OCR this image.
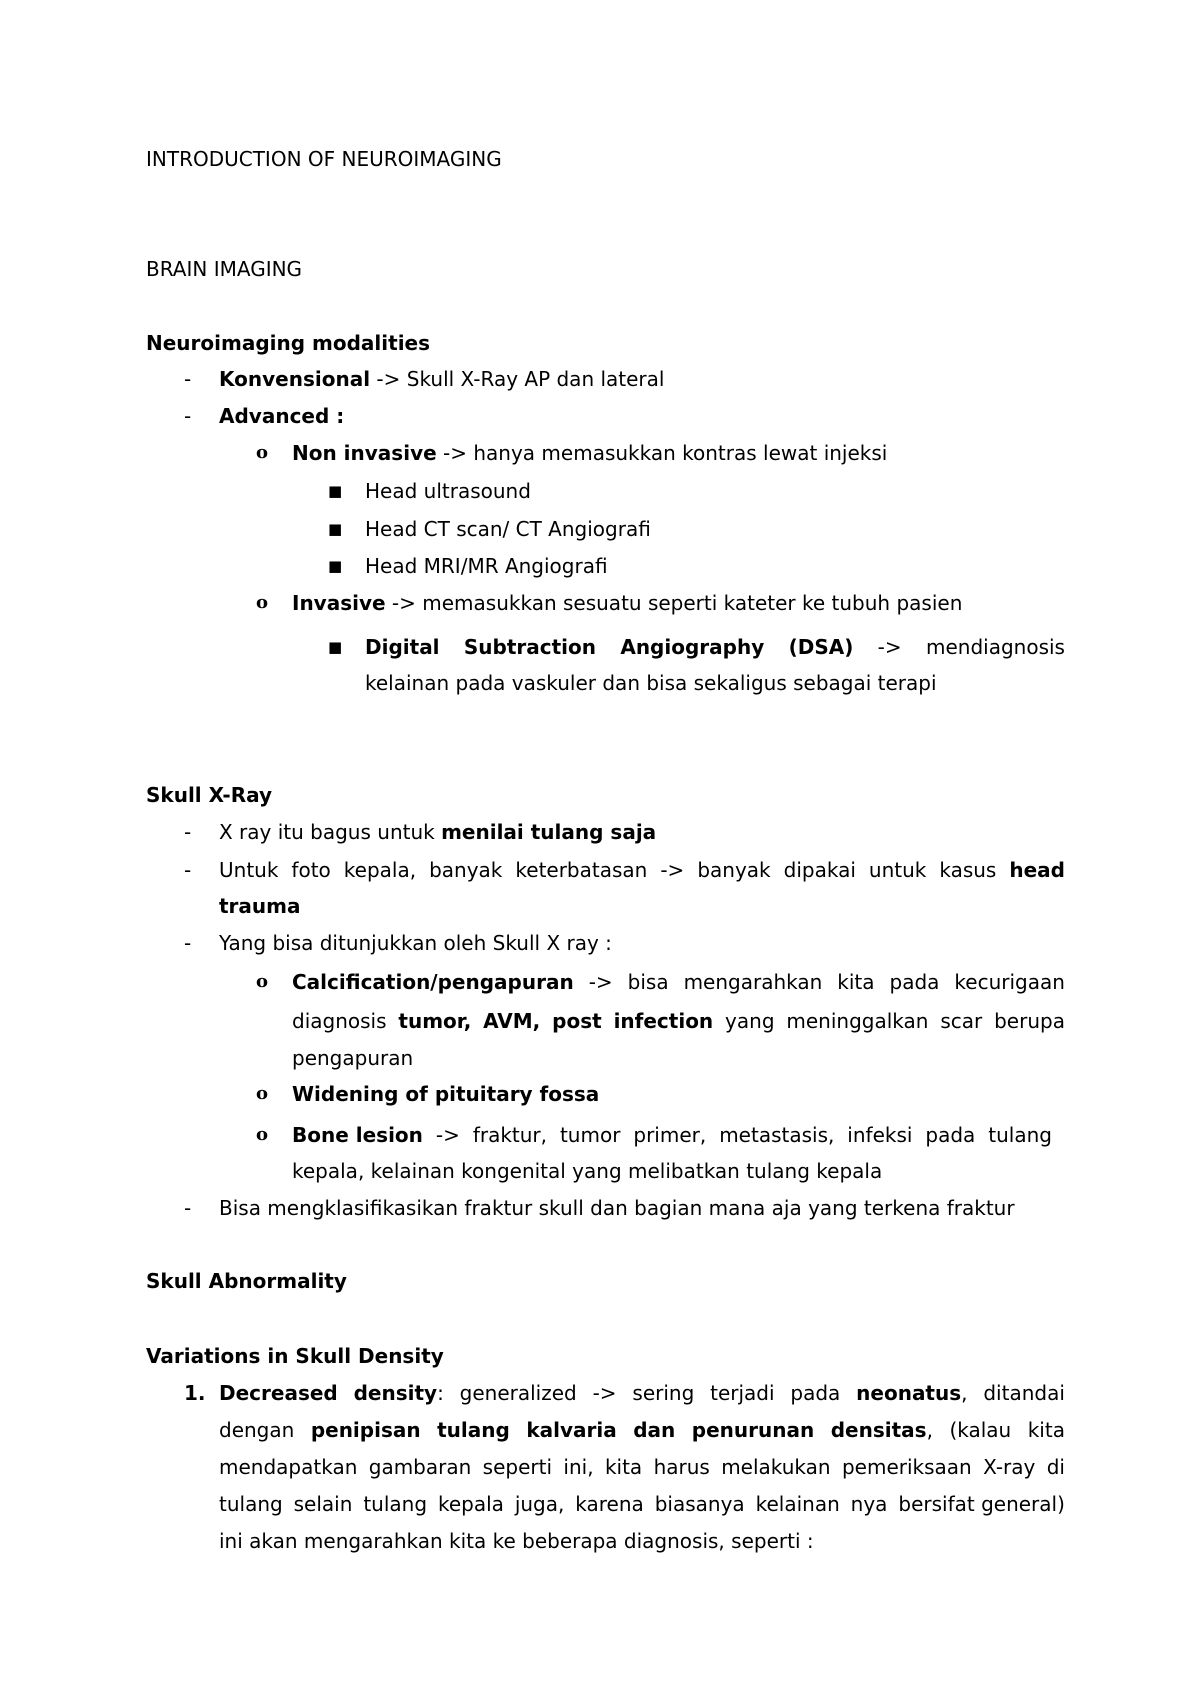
INTRODUCTION OF NEUROIMAGING
BRAIN IMAGING
Neuroimaging modalities
- Konvensional -> Skull X-Ray AP dan lateral
- Advanced :
o Non invasive -> hanya memasukkan kontras lewat injeksi
■ Head ultrasound
■ Head CT scan/ CT Angiografi
■ Head MRI/MR Angiografi
o Invasive -> memasukkan sesuatu seperti kateter ke tubuh pasien
■ Digital Subtraction Angiography (DSA) -> mendiagnosis
kelainan pada vaskuler dan bisa sekaligus sebagai terapi
Skull X-Ray
- X ray itu bagus untuk menilai tulang saja
- Untuk foto kepala, banyak keterbatasan -> banyak dipakai untuk kasus head
trauma
- Yang bisa ditunjukkan oleh Skull X ray :
o Calcification/pengapuran -> bisa mengarahkan kita pada kecurigaan
diagnosis tumor, AVM, post infection yang meninggalkan scar berupa
pengapuran
o Widening of pituitary fossa
o Bone lesion -> fraktur, tumor primer, metastasis, infeksi pada tulang
kepala, kelainan kongenital yang melibatkan tulang kepala
- Bisa mengklasifikasikan fraktur skull dan bagian mana aja yang terkena fraktur
Skull Abnormality
Variations in Skull Density
1. Decreased density: generalized -> sering terjadi pada neonatus, ditandai
dengan penipisan tulang kalvaria dan penurunan densitas, (kalau kita
mendapatkan gambaran seperti ini, kita harus melakukan pemeriksaan X-ray di
tulang selain tulang kepala juga, karena biasanya kelainan nya bersifat general)
ini akan mengarahkan kita ke beberapa diagnosis, seperti :
